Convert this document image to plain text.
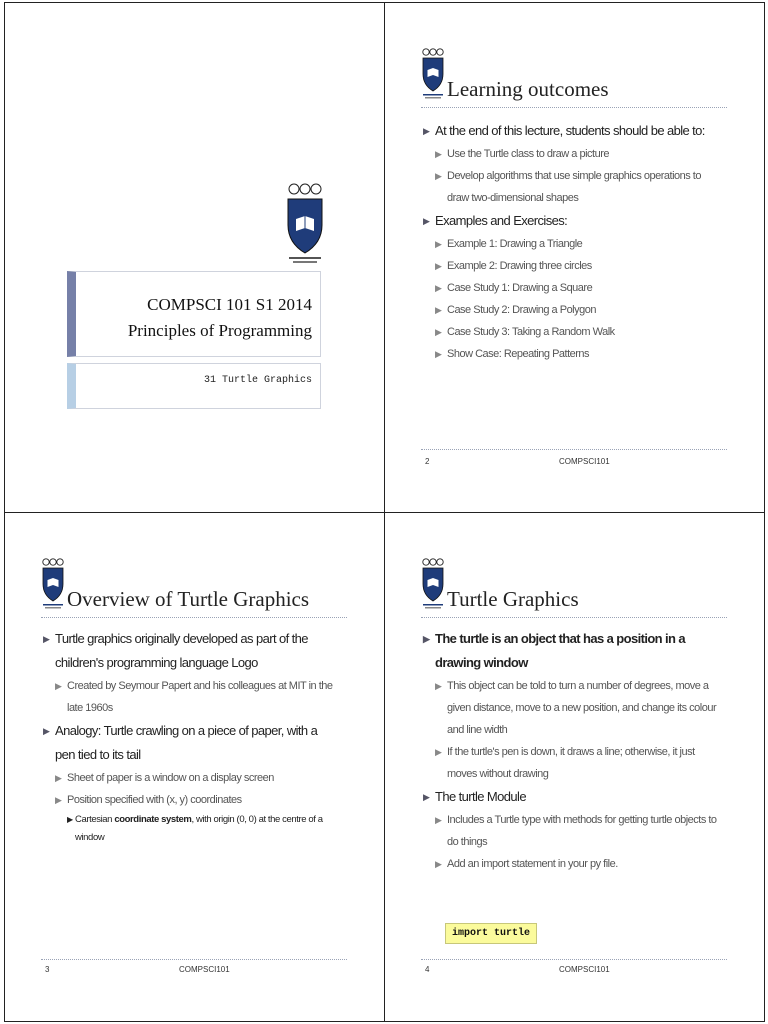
COMPSCI 101 S1 2014
Principles of Programming
31 Turtle Graphics
Learning outcomes
▶ At the end of this lecture, students should be able to:
▶ Use the Turtle class to draw a picture
▶ Develop algorithms that use simple graphics operations to draw two-dimensional shapes
▶ Examples and Exercises:
▶ Example 1: Drawing a Triangle
▶ Example 2: Drawing three circles
▶ Case Study 1: Drawing a Square
▶ Case Study 2: Drawing a Polygon
▶ Case Study 3: Taking a Random Walk
▶ Show Case: Repeating Patterns
2	COMPSCI101
Overview of Turtle Graphics
▶ Turtle graphics originally developed as part of the children's programming language Logo
▶ Created by Seymour Papert and his colleagues at MIT in the late 1960s
▶ Analogy: Turtle crawling on a piece of paper, with a pen tied to its tail
▶ Sheet of paper is a window on a display screen
▶ Position specified with (x, y) coordinates
▶ Cartesian coordinate system, with origin (0, 0) at the centre of a window
3	COMPSCI101
Turtle Graphics
▶ The turtle is an object that has a position in a drawing window
▶ This object can be told to turn a number of degrees, move a given distance, move to a new position, and change its colour and line width
▶ If the turtle's pen is down, it draws a line; otherwise, it just moves without drawing
▶ The turtle Module
▶ Includes a Turtle type with methods for getting turtle objects to do things
▶ Add an import statement in your py file.
import turtle
4	COMPSCI101
